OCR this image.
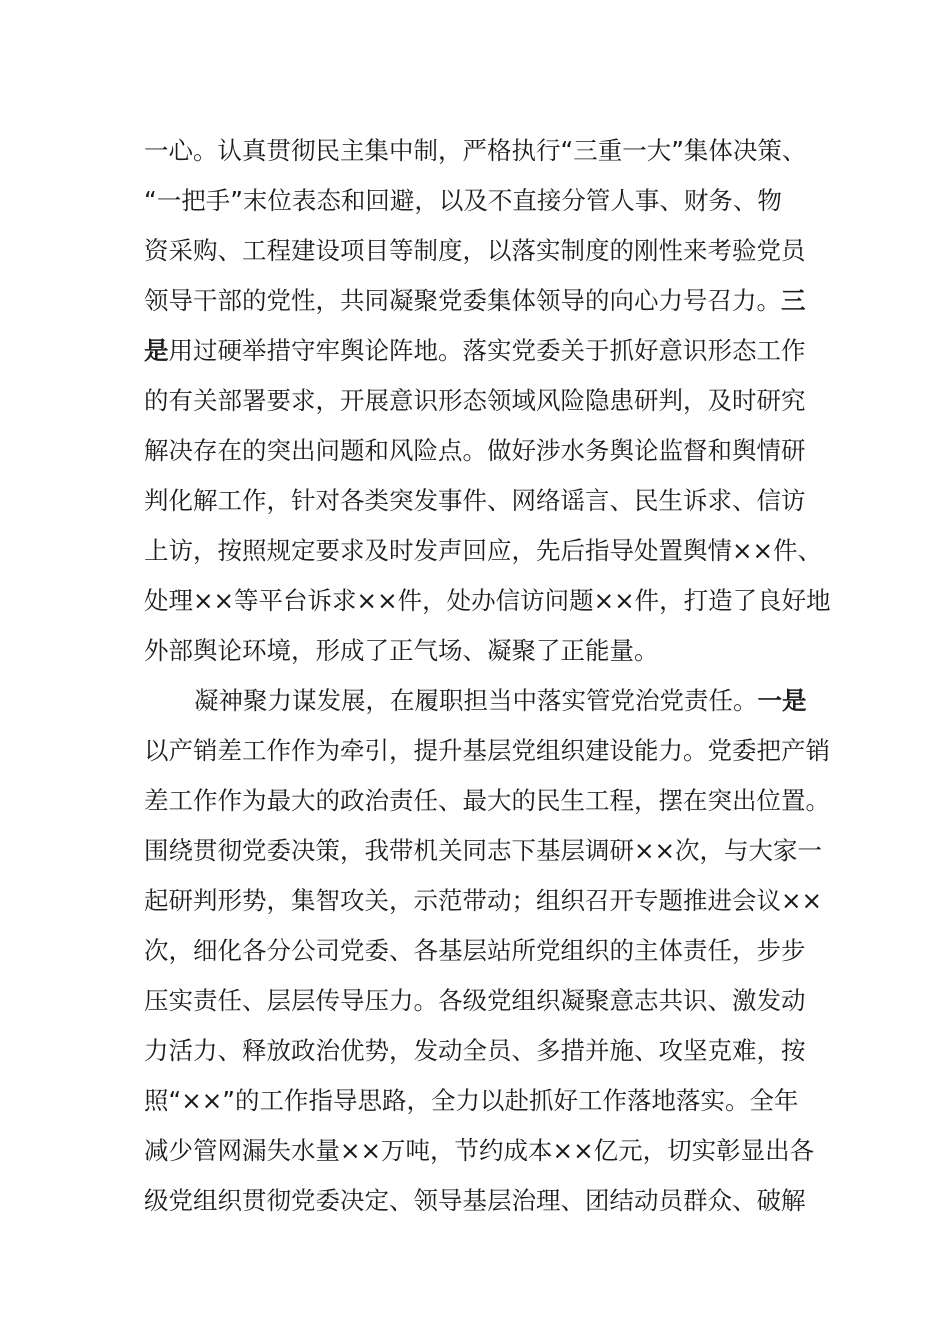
一心。认真贯彻民主集中制，严格执行“三重一大”集体决策、
“一把手”末位表态和回避，以及不直接分管人事、财务、物
资采购、工程建设项目等制度，以落实制度的刚性来考验党员
领导干部的党性，共同凝聚党委集体领导的向心力号召力。三
是用过硬举措守牢舆论阵地。落实党委关于抓好意识形态工作
的有关部署要求，开展意识形态领域风险隐患研判，及时研究
解决存在的突出问题和风险点。做好涉水务舆论监督和舆情研
判化解工作，针对各类突发事件、网络谣言、民生诉求、信访
上访，按照规定要求及时发声回应，先后指导处置舆情××件、
处理××等平台诉求××件，处办信访问题××件，打造了良好地
外部舆论环境，形成了正气场、凝聚了正能量。
凝神聚力谋发展，在履职担当中落实管党治党责任。一是
以产销差工作作为牵引，提升基层党组织建设能力。党委把产销
差工作作为最大的政治责任、最大的民生工程，摆在突出位置。
围绕贯彻党委决策，我带机关同志下基层调研××次，与大家一
起研判形势，集智攻关，示范带动；组织召开专题推进会议××
次，细化各分公司党委、各基层站所党组织的主体责任，步步
压实责任、层层传导压力。各级党组织凝聚意志共识、激发动
力活力、释放政治优势，发动全员、多措并施、攻坚克难，按
照“××”的工作指导思路，全力以赴抓好工作落地落实。全年
减少管网漏失水量××万吨，节约成本××亿元，切实彰显出各
级党组织贯彻党委决定、领导基层治理、团结动员群众、破解
